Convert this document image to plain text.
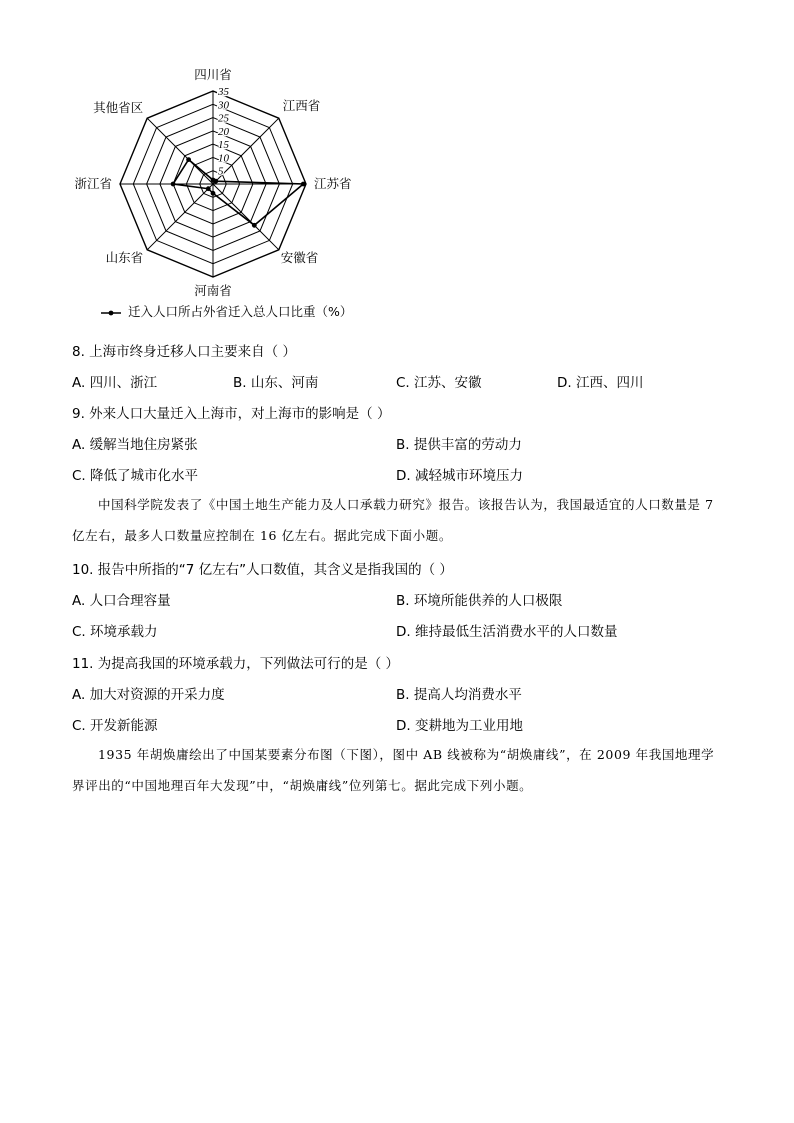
5
10
15
20
25
30
35
四川省
江西省
江苏省
安徽省
河南省
山东省
浙江省
其他省区
迁入人口所占外省迁入总人口比重（%）
8. 上海市终身迁移人口主要来自（ ）
A. 四川、浙江	B. 山东、河南	C. 江苏、安徽	D. 江西、四川
9. 外来人口大量迁入上海市，对上海市的影响是（ ）
A. 缓解当地住房紧张	B. 提供丰富的劳动力
C. 降低了城市化水平	D. 减轻城市环境压力
中国科学院发表了《中国土地生产能力及人口承载力研究》报告。该报告认为，我国最适宜的人口数量是 7 亿左右，最多人口数量应控制在 16 亿左右。据此完成下面小题。
10. 报告中所指的“7 亿左右”人口数值，其含义是指我国的（ ）
A. 人口合理容量	B. 环境所能供养的人口极限
C. 环境承载力	D. 维持最低生活消费水平的人口数量
11. 为提高我国的环境承载力，下列做法可行的是（ ）
A. 加大对资源的开采力度	B. 提高人均消费水平
C. 开发新能源	D. 变耕地为工业用地
1935 年胡焕庸绘出了中国某要素分布图（下图），图中 AB 线被称为“胡焕庸线”，在 2009 年我国地理学界评出的“中国地理百年大发现”中，“胡焕庸线”位列第七。据此完成下列小题。
